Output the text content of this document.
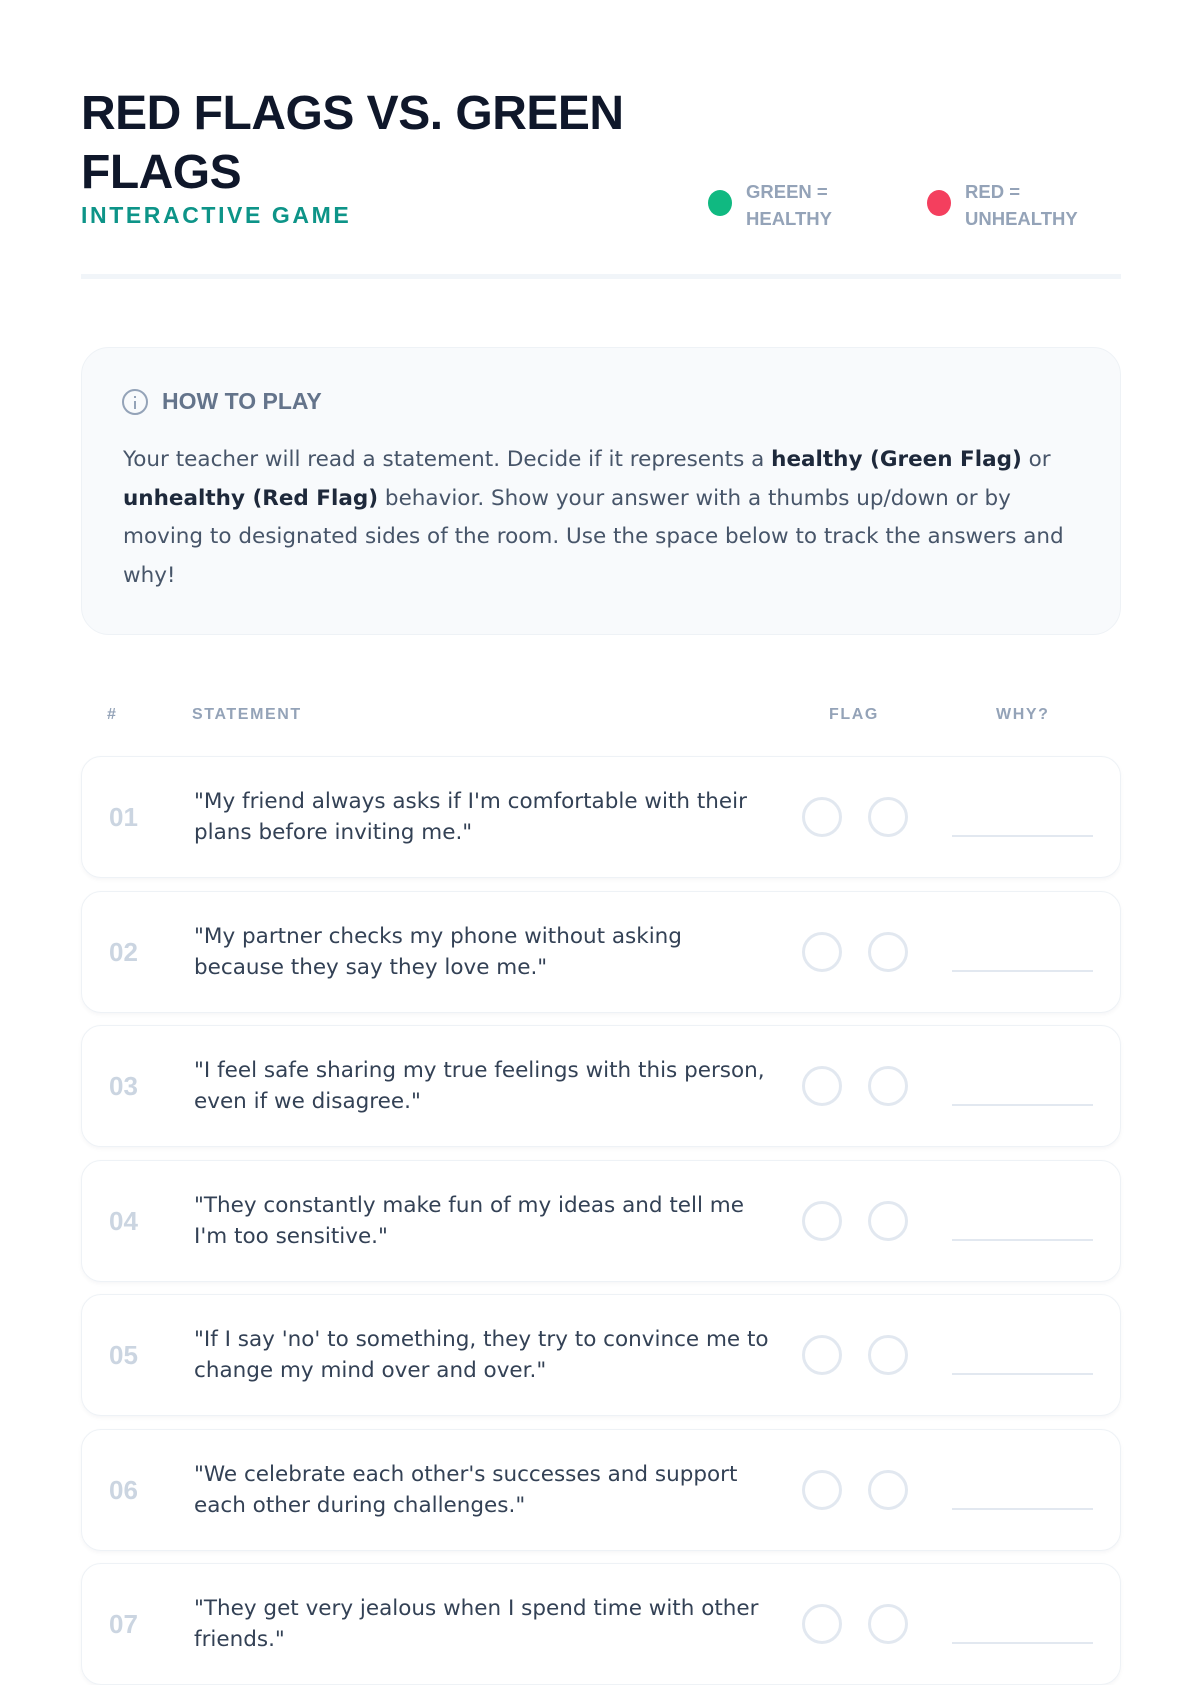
RED FLAGS VS. GREEN FLAGS
INTERACTIVE GAME
GREEN = HEALTHY
RED = UNHEALTHY
HOW TO PLAY

Your teacher will read a statement. Decide if it represents a healthy (Green Flag) or unhealthy (Red Flag) behavior. Show your answer with a thumbs up/down or by moving to designated sides of the room. Use the space below to track the answers and why!

#	STATEMENT	FLAG	WHY?
01
"My friend always asks if I'm comfortable with their plans before inviting me."
02
"My partner checks my phone without asking because they say they love me."
03
"I feel safe sharing my true feelings with this person, even if we disagree."
04
"They constantly make fun of my ideas and tell me I'm too sensitive."
05
"If I say 'no' to something, they try to convince me to change my mind over and over."
06
"We celebrate each other's successes and support each other during challenges."
07
"They get very jealous when I spend time with other friends."
